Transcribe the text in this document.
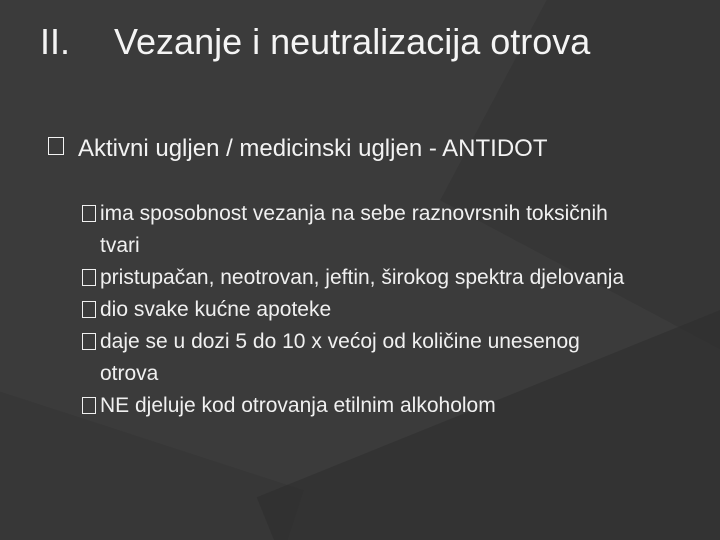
II. Vezanje i neutralizacija otrova
Aktivni ugljen / medicinski ugljen - ANTIDOT
ima sposobnost vezanja na sebe raznovrsnih toksičnih tvari
pristupačan, neotrovan, jeftin, širokog spektra djelovanja
dio svake kućne apoteke
daje se u dozi 5 do 10 x većoj od količine unesenog otrova
NE djeluje kod otrovanja etilnim alkoholom
